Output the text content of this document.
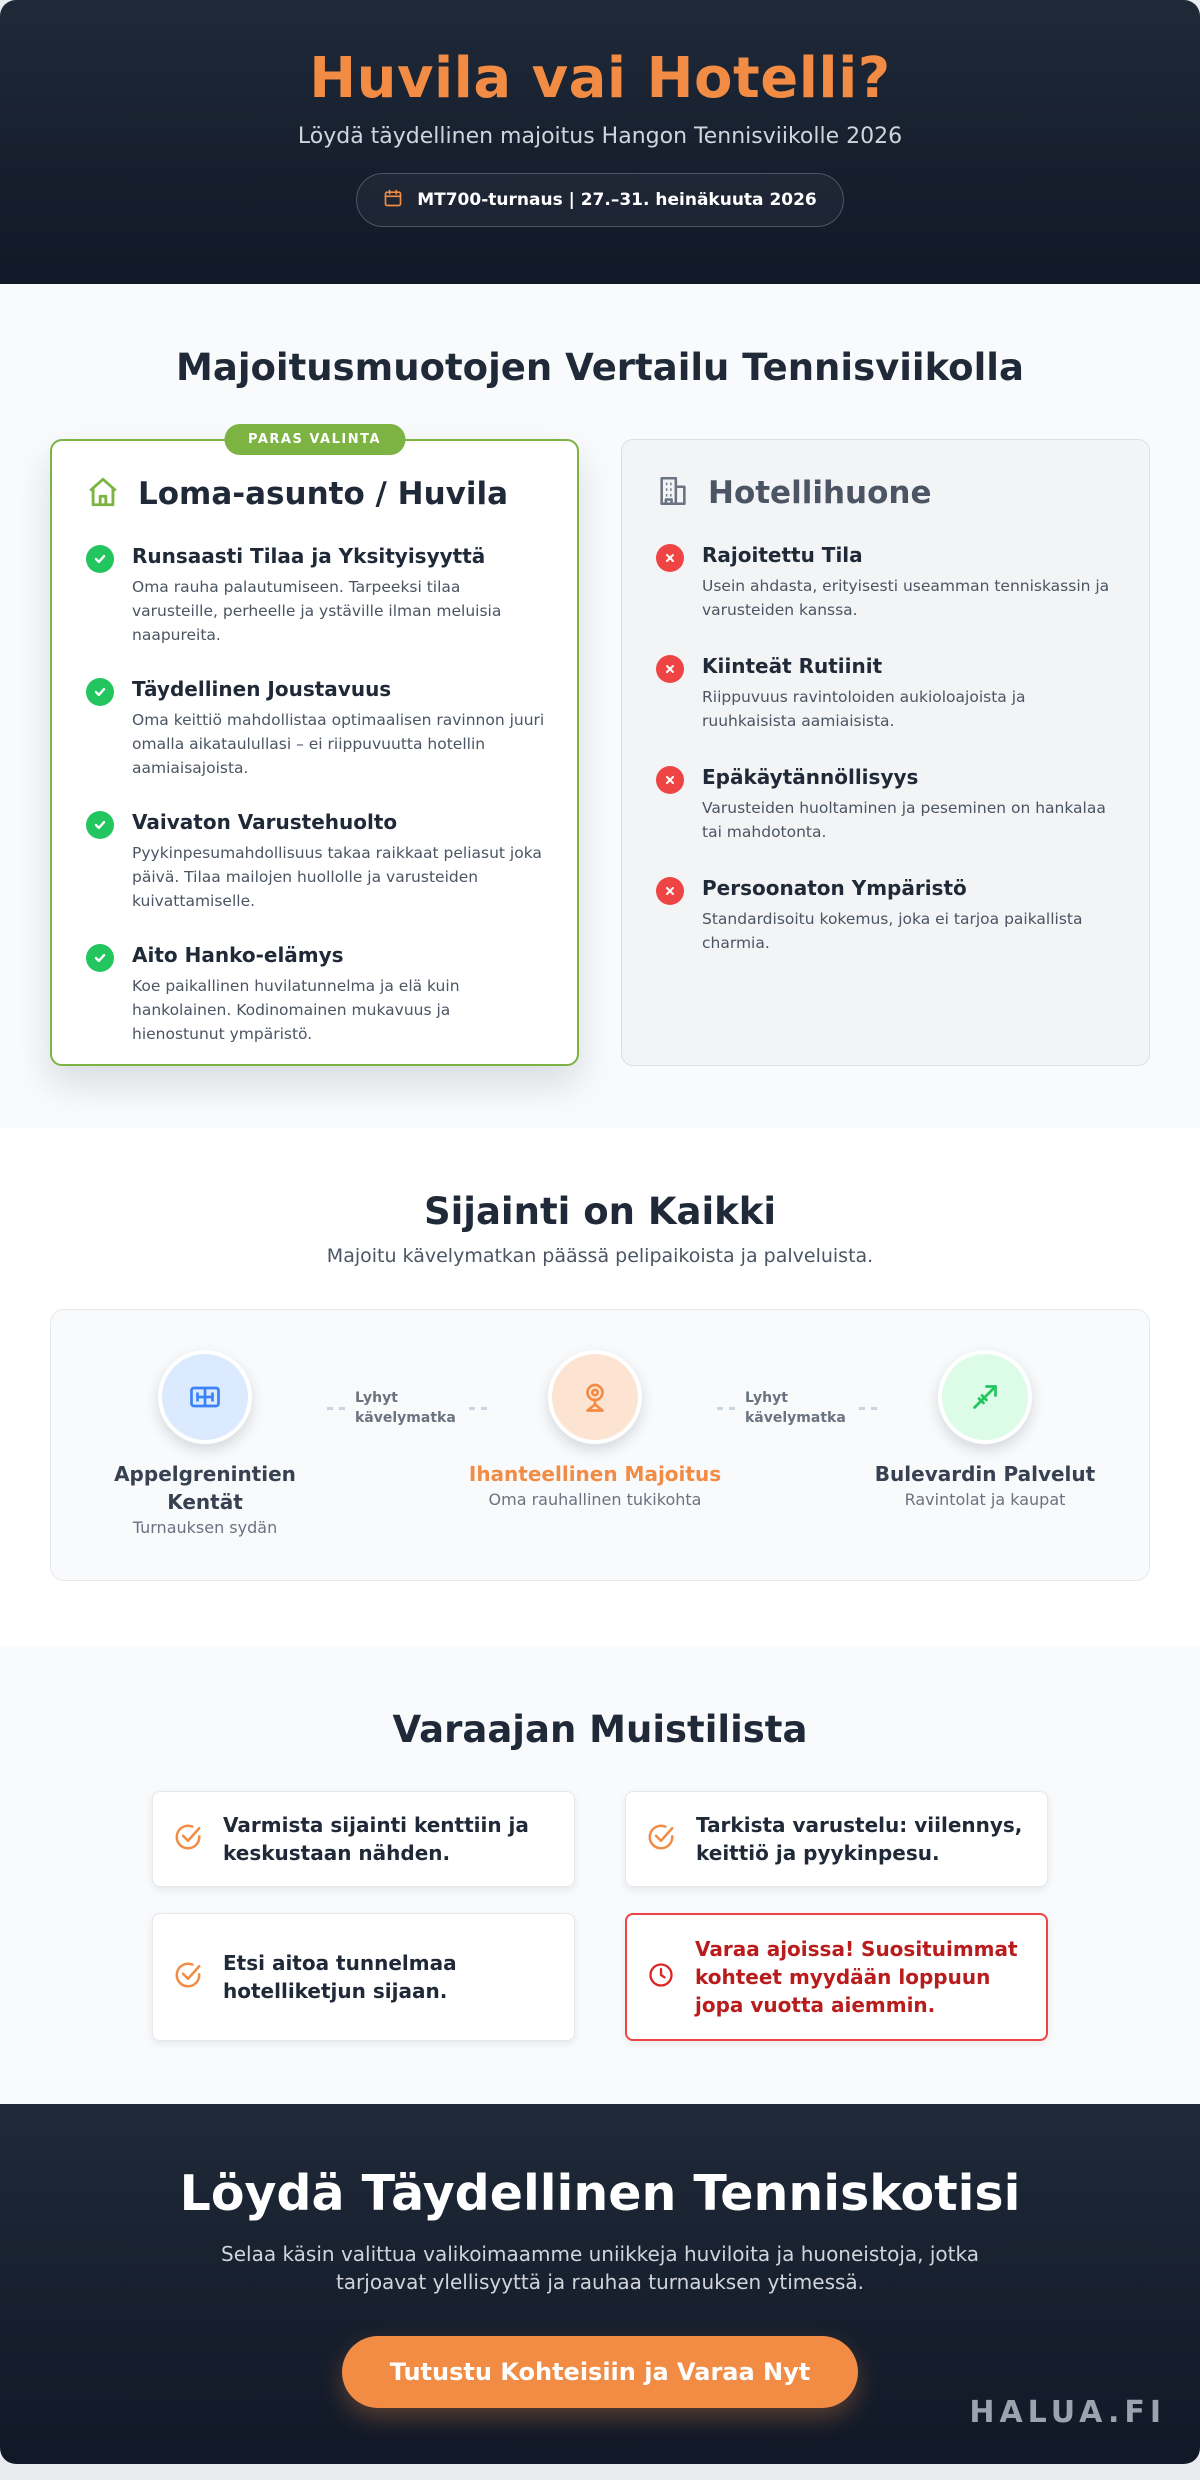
Huvila vai Hotelli?
Löydä täydellinen majoitus Hangon Tennisviikolle 2026
MT700-turnaus | 27.–31. heinäkuuta 2026
Majoitusmuotojen Vertailu Tennisviikolla
PARAS VALINTA
Loma-asunto / Huvila
Runsaasti Tilaa ja Yksityisyyttä

Oma rauha palautumiseen. Tarpeeksi tilaa varusteille, perheelle ja ystäville ilman meluisia naapureita.

Täydellinen Joustavuus

Oma keittiö mahdollistaa optimaalisen ravinnon juuri omalla aikataulullasi – ei riippuvuutta hotellin aamiaisajoista.

Vaivaton Varustehuolto

Pyykinpesumahdollisuus takaa raikkaat peliasut joka päivä. Tilaa mailojen huollolle ja varusteiden kuivattamiselle.

Aito Hanko-elämys

Koe paikallinen huvilatunnelma ja elä kuin hankolainen. Kodinomainen mukavuus ja hienostunut ympäristö.

Hotellihuone
Rajoitettu Tila

Usein ahdasta, erityisesti useamman tenniskassin ja varusteiden kanssa.

Kiinteät Rutiinit

Riippuvuus ravintoloiden aukioloajoista ja ruuhkaisista aamiaisista.

Epäkäytännöllisyys

Varusteiden huoltaminen ja peseminen on hankalaa tai mahdotonta.

Persoonaton Ympäristö

Standardisoitu kokemus, joka ei tarjoa paikallista charmia.

Sijainti on Kaikki
Majoitu kävelymatkan päässä pelipaikoista ja palveluista.
Appelgrenintien Kentät
Turnauksen sydän
Lyhyt kävelymatka
Ihanteellinen Majoitus
Oma rauhallinen tukikohta
Lyhyt kävelymatka
Bulevardin Palvelut
Ravintolat ja kaupat
Varaajan Muistilista
Varmista sijainti kenttiin ja keskustaan nähden.
Tarkista varustelu: viilennys, keittiö ja pyykinpesu.
Etsi aitoa tunnelmaa hotelliketjun sijaan.
Varaa ajoissa! Suosituimmat kohteet myydään loppuun jopa vuotta aiemmin.
Löydä Täydellinen Tenniskotisi

Selaa käsin valittua valikoimaamme uniikkeja huviloita ja huoneistoja, jotka tarjoavat ylellisyyttä ja rauhaa turnauksen ytimessä.

Tutustu Kohteisiin ja Varaa Nyt
HALUA.FI
